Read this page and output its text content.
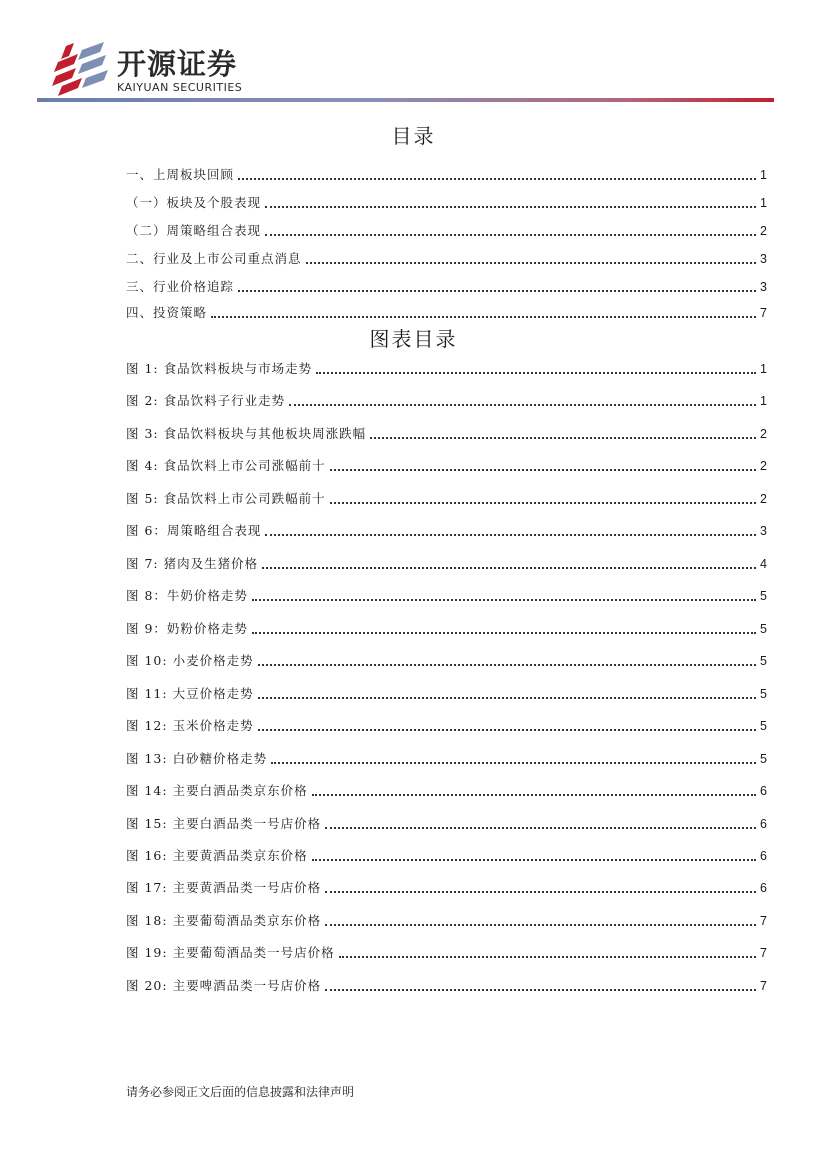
开源证券
KAIYUAN SECURITIES
目录
一、上周板块回顾	1
（一）板块及个股表现	1
（二）周策略组合表现	2
二、行业及上市公司重点消息	3
三、行业价格追踪	3
四、投资策略	7
图表目录
图 1: 食品饮料板块与市场走势	1
图 2: 食品饮料子行业走势	1
图 3: 食品饮料板块与其他板块周涨跌幅	2
图 4: 食品饮料上市公司涨幅前十	2
图 5: 食品饮料上市公司跌幅前十	2
图 6：周策略组合表现	3
图 7: 猪肉及生猪价格	4
图 8：牛奶价格走势	5
图 9：奶粉价格走势	5
图 10: 小麦价格走势	5
图 11: 大豆价格走势	5
图 12: 玉米价格走势	5
图 13: 白砂糖价格走势	5
图 14: 主要白酒品类京东价格	6
图 15: 主要白酒品类一号店价格	6
图 16: 主要黄酒品类京东价格	6
图 17: 主要黄酒品类一号店价格	6
图 18: 主要葡萄酒品类京东价格	7
图 19: 主要葡萄酒品类一号店价格	7
图 20: 主要啤酒品类一号店价格	7
请务必参阅正文后面的信息披露和法律声明
